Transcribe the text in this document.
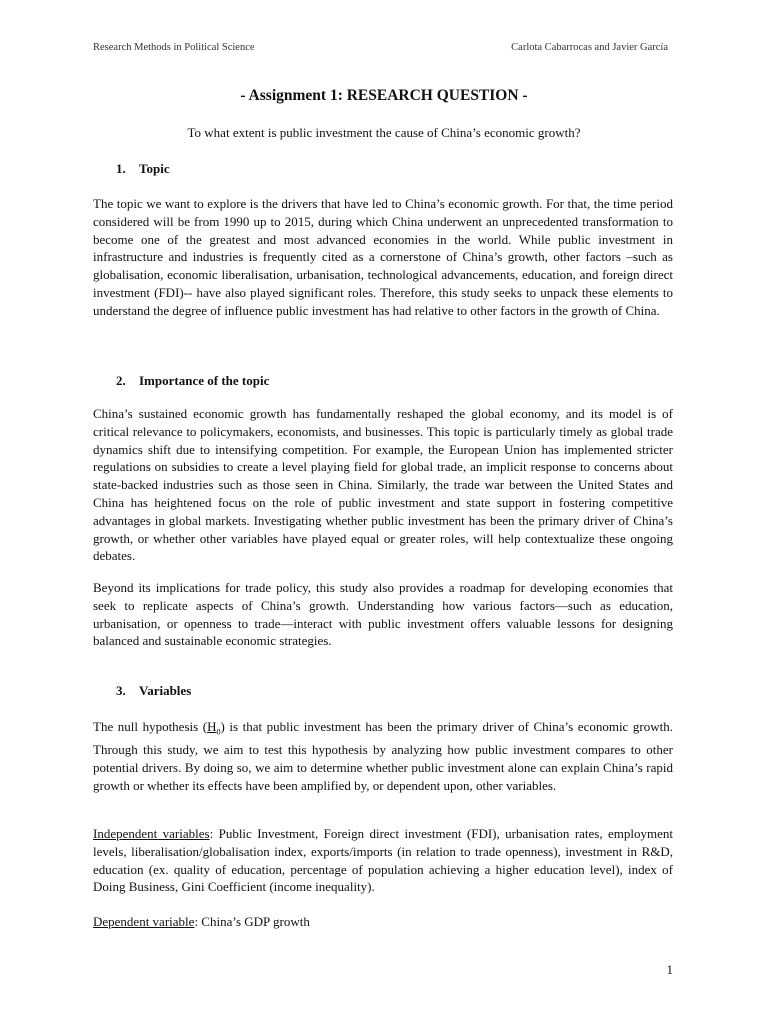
Research Methods in Political Science	Carlota Cabarrocas and Javier García
- Assignment 1: RESEARCH QUESTION -
To what extent is public investment the cause of China’s economic growth?
1. Topic
The topic we want to explore is the drivers that have led to China’s economic growth. For that, the time period considered will be from 1990 up to 2015, during which China underwent an unprecedented transformation to become one of the greatest and most advanced economies in the world. While public investment in infrastructure and industries is frequently cited as a cornerstone of China’s growth, other factors –such as globalisation, economic liberalisation, urbanisation, technological advancements, education, and foreign direct investment (FDI)-- have also played significant roles. Therefore, this study seeks to unpack these elements to understand the degree of influence public investment has had relative to other factors in the growth of China.
2. Importance of the topic
China’s sustained economic growth has fundamentally reshaped the global economy, and its model is of critical relevance to policymakers, economists, and businesses. This topic is particularly timely as global trade dynamics shift due to intensifying competition. For example, the European Union has implemented stricter regulations on subsidies to create a level playing field for global trade, an implicit response to concerns about state-backed industries such as those seen in China. Similarly, the trade war between the United States and China has heightened focus on the role of public investment and state support in fostering competitive advantages in global markets. Investigating whether public investment has been the primary driver of China’s growth, or whether other variables have played equal or greater roles, will help contextualize these ongoing debates.
Beyond its implications for trade policy, this study also provides a roadmap for developing economies that seek to replicate aspects of China’s growth. Understanding how various factors—such as education, urbanisation, or openness to trade—interact with public investment offers valuable lessons for designing balanced and sustainable economic strategies.
3. Variables
The null hypothesis $(H_0)$ is that public investment has been the primary driver of China’s economic growth. Through this study, we aim to test this hypothesis by analyzing how public investment compares to other potential drivers. By doing so, we aim to determine whether public investment alone can explain China’s rapid growth or whether its effects have been amplified by, or dependent upon, other variables.
Independent variables: Public Investment, Foreign direct investment (FDI), urbanisation rates, employment levels, liberalisation/globalisation index, exports/imports (in relation to trade openness), investment in R&D, education (ex. quality of education, percentage of population achieving a higher education level), index of Doing Business, Gini Coefficient (income inequality).
Dependent variable: China’s GDP growth
1
